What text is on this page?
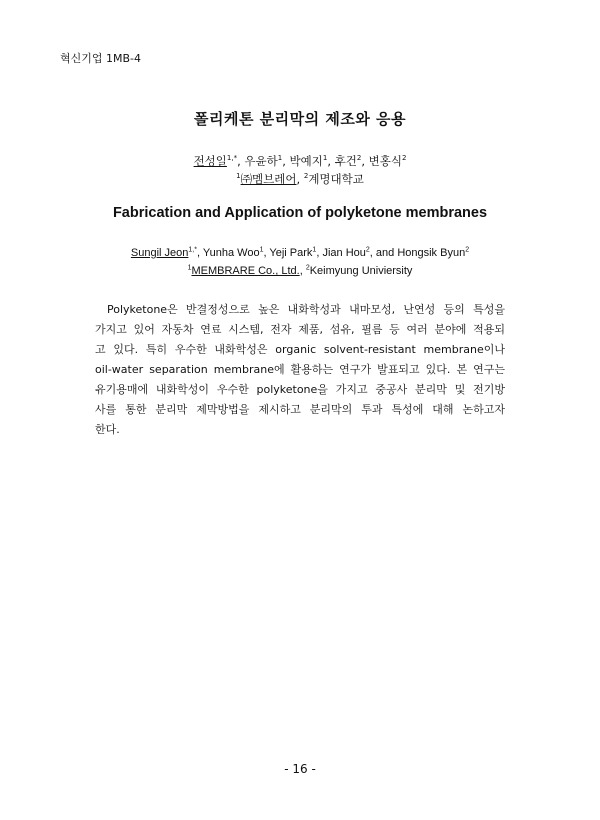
혁신기업 1MB-4
폴리케톤 분리막의 제조와 응용
전성일$^{1,*}$, 우윤하$^1$, 박예지$^1$, 후건$^2$, 변홍식$^2$
$^1$㈜멤브레어, $^2$계명대학교
Fabrication and Application of polyketone membranes
Sungil Jeon$^{1,*}$, Yunha Woo$^1$, Yeji Park$^1$, Jian Hou$^2$, and Hongsik Byun$^2$
$^1$MEMBRARE Co., Ltd., $^2$Keimyung Univiersity
Polyketone은 반결정성으로 높은 내화학성과 내마모성, 난연성 등의 특성을
가지고 있어 자동차 연료 시스템, 전자 제품, 섬유, 필름 등 여러 분야에 적용되
고 있다. 특히 우수한 내화학성은 organic solvent-resistant membrane이나
oil-water separation membrane에 활용하는 연구가 발표되고 있다. 본 연구는
유기용매에 내화학성이 우수한 polyketone을 가지고 중공사 분리막 및 전기방
사를 통한 분리막 제막방법을 제시하고 분리막의 투과 특성에 대해 논하고자
한다.
- 16 -
